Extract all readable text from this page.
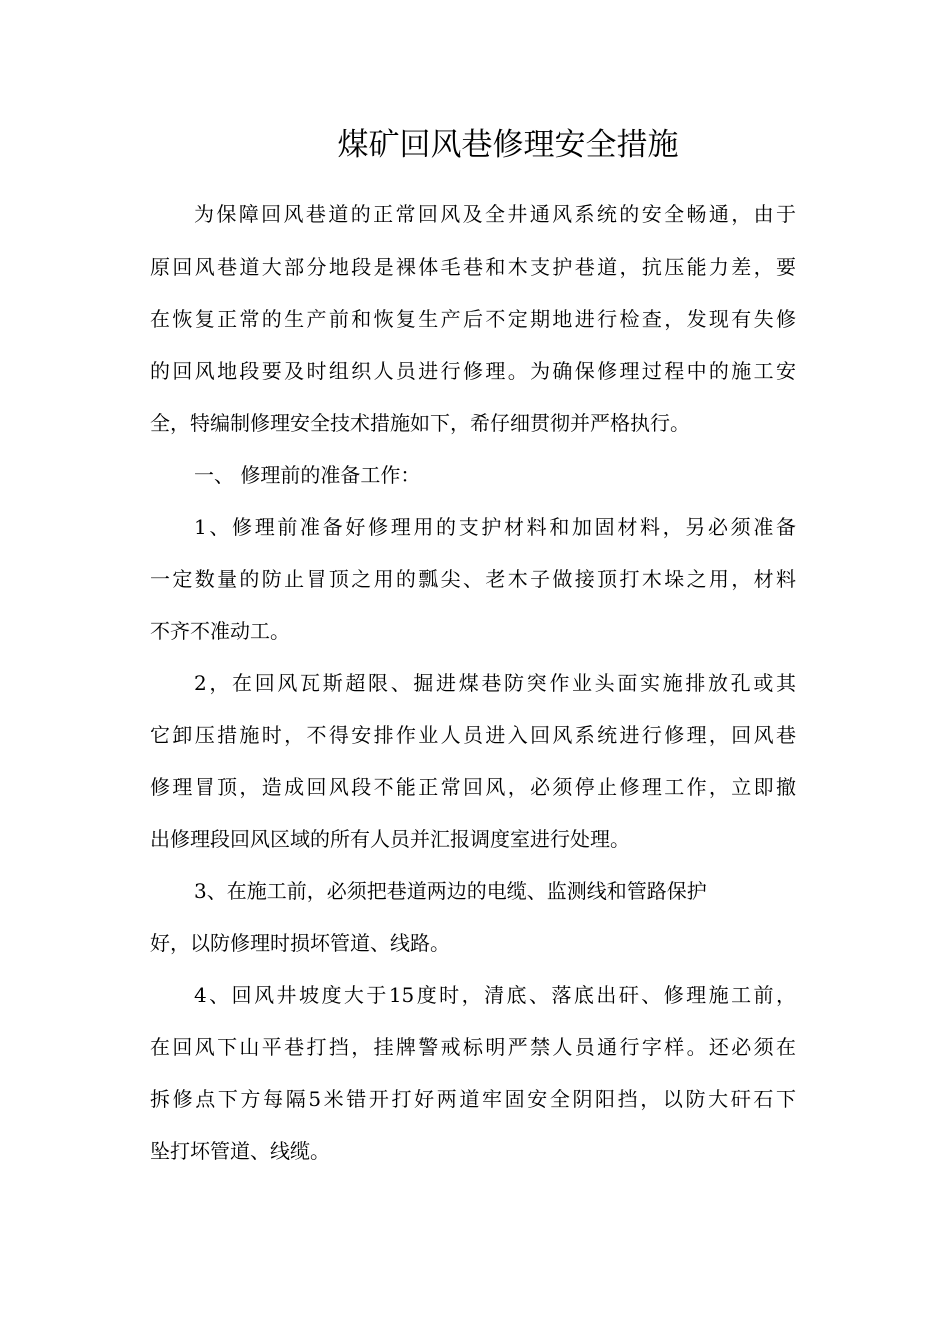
煤矿回风巷修理安全措施

为保障回风巷道的正常回风及全井通风系统的安全畅通，由于

原回风巷道大部分地段是裸体毛巷和木支护巷道，抗压能力差，要

在恢复正常的生产前和恢复生产后不定期地进行检查，发现有失修

的回风地段要及时组织人员进行修理。为确保修理过程中的施工安

全，特编制修理安全技术措施如下，希仔细贯彻并严格执行。

一、 修理前的准备工作：

1、修理前准备好修理用的支护材料和加固材料，另必须准备

一定数量的防止冒顶之用的瓢尖、老木子做接顶打木垛之用，材料

不齐不准动工。

2，在回风瓦斯超限、掘进煤巷防突作业头面实施排放孔或其

它卸压措施时，不得安排作业人员进入回风系统进行修理，回风巷

修理冒顶，造成回风段不能正常回风，必须停止修理工作，立即撤

出修理段回风区域的所有人员并汇报调度室进行处理。

3、在施工前，必须把巷道两边的电缆、监测线和管路保护

好，以防修理时损坏管道、线路。

4、回风井坡度大于15度时，清底、落底出矸、修理施工前，

在回风下山平巷打挡，挂牌警戒标明严禁人员通行字样。还必须在

拆修点下方每隔5米错开打好两道牢固安全阴阳挡，以防大矸石下

坠打坏管道、线缆。
